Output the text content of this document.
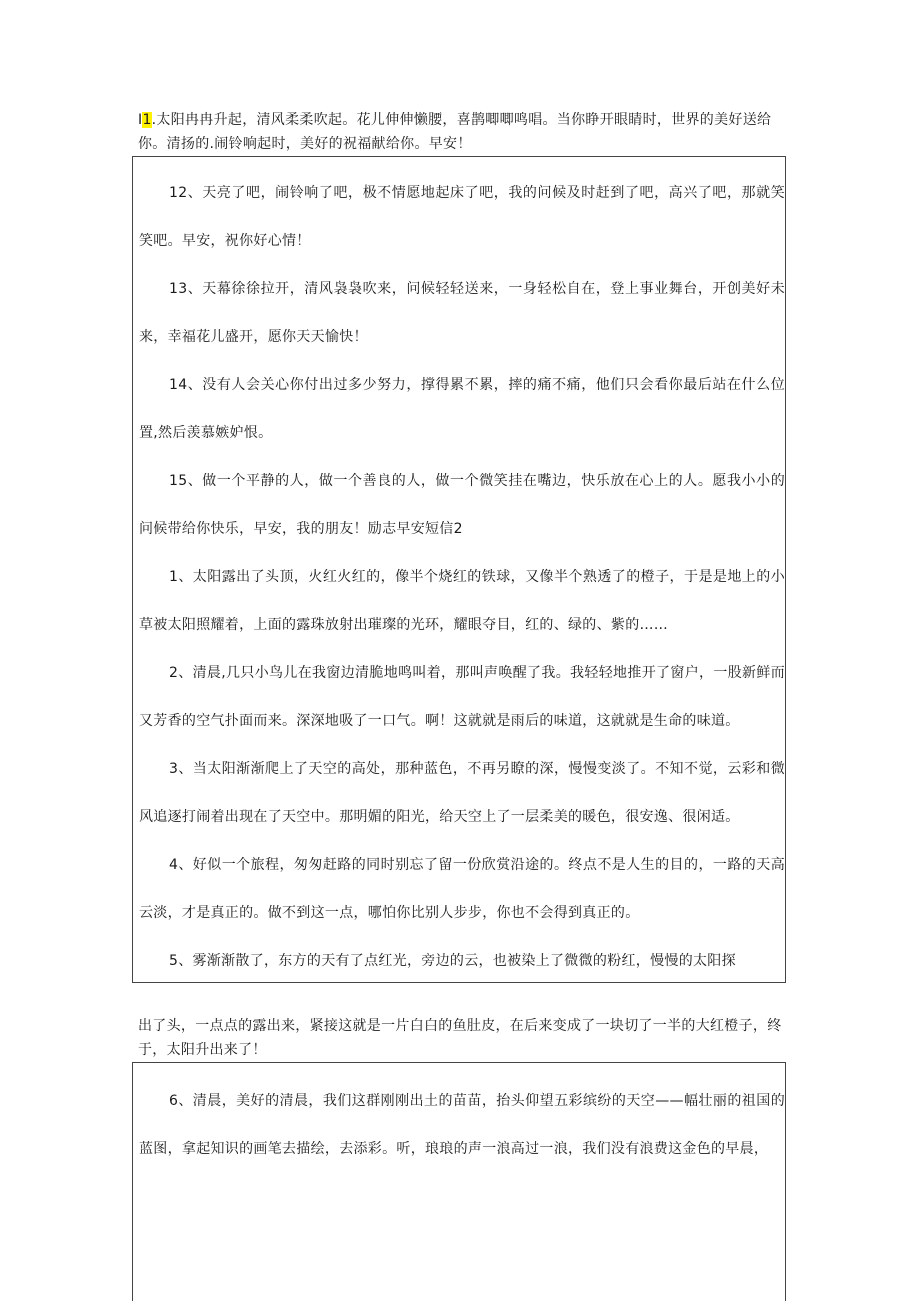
I1.太阳冉冉升起，清风柔柔吹起。花儿伸伸懒腰，喜鹊唧唧鸣唱。当你睁开眼睛时，世界的美好送给你。清扬的.闹铃响起时，美好的祝福献给你。早安！

12、天亮了吧，闹铃响了吧，极不情愿地起床了吧，我的问候及时赶到了吧，高兴了吧，那就笑笑吧。早安，祝你好心情！

13、天幕徐徐拉开，清风袅袅吹来，问候轻轻送来，一身轻松自在，登上事业舞台，开创美好未来，幸福花儿盛开，愿你天天愉快！

14、没有人会关心你付出过多少努力，撑得累不累，摔的痛不痛，他们只会看你最后站在什么位置,然后羡慕嫉妒恨。

15、做一个平静的人，做一个善良的人，做一个微笑挂在嘴边，快乐放在心上的人。愿我小小的问候带给你快乐，早安，我的朋友！励志早安短信2

1、太阳露出了头顶，火红火红的，像半个烧红的铁球，又像半个熟透了的橙子，于是是地上的小草被太阳照耀着，上面的露珠放射出璀璨的光环，耀眼夺目，红的、绿的、紫的……

2、清晨,几只小鸟儿在我窗边清脆地鸣叫着，那叫声唤醒了我。我轻轻地推开了窗户，一股新鲜而又芳香的空气扑面而来。深深地吸了一口气。啊！这就就是雨后的味道，这就就是生命的味道。

3、当太阳渐渐爬上了天空的高处，那种蓝色，不再另瞭的深，慢慢变淡了。不知不觉，云彩和微风追逐打闹着出现在了天空中。那明媚的阳光，给天空上了一层柔美的暖色，很安逸、很闲适。

4、好似一个旅程，匆匆赶路的同时别忘了留一份欣赏沿途的。终点不是人生的目的，一路的天高云淡，才是真正的。做不到这一点，哪怕你比别人步步，你也不会得到真正的。

5、雾渐渐散了，东方的天有了点红光，旁边的云，也被染上了微微的粉红，慢慢的太阳探

出了头，一点点的露出来，紧接这就是一片白白的鱼肚皮，在后来变成了一块切了一半的大红橙子，终于，太阳升出来了！

6、清晨，美好的清晨，我们这群刚刚出土的苗苗，抬头仰望五彩缤纷的天空——幅壮丽的祖国的蓝图，拿起知识的画笔去描绘，去添彩。听，琅琅的声一浪高过一浪，我们没有浪费这金色的早晨，
